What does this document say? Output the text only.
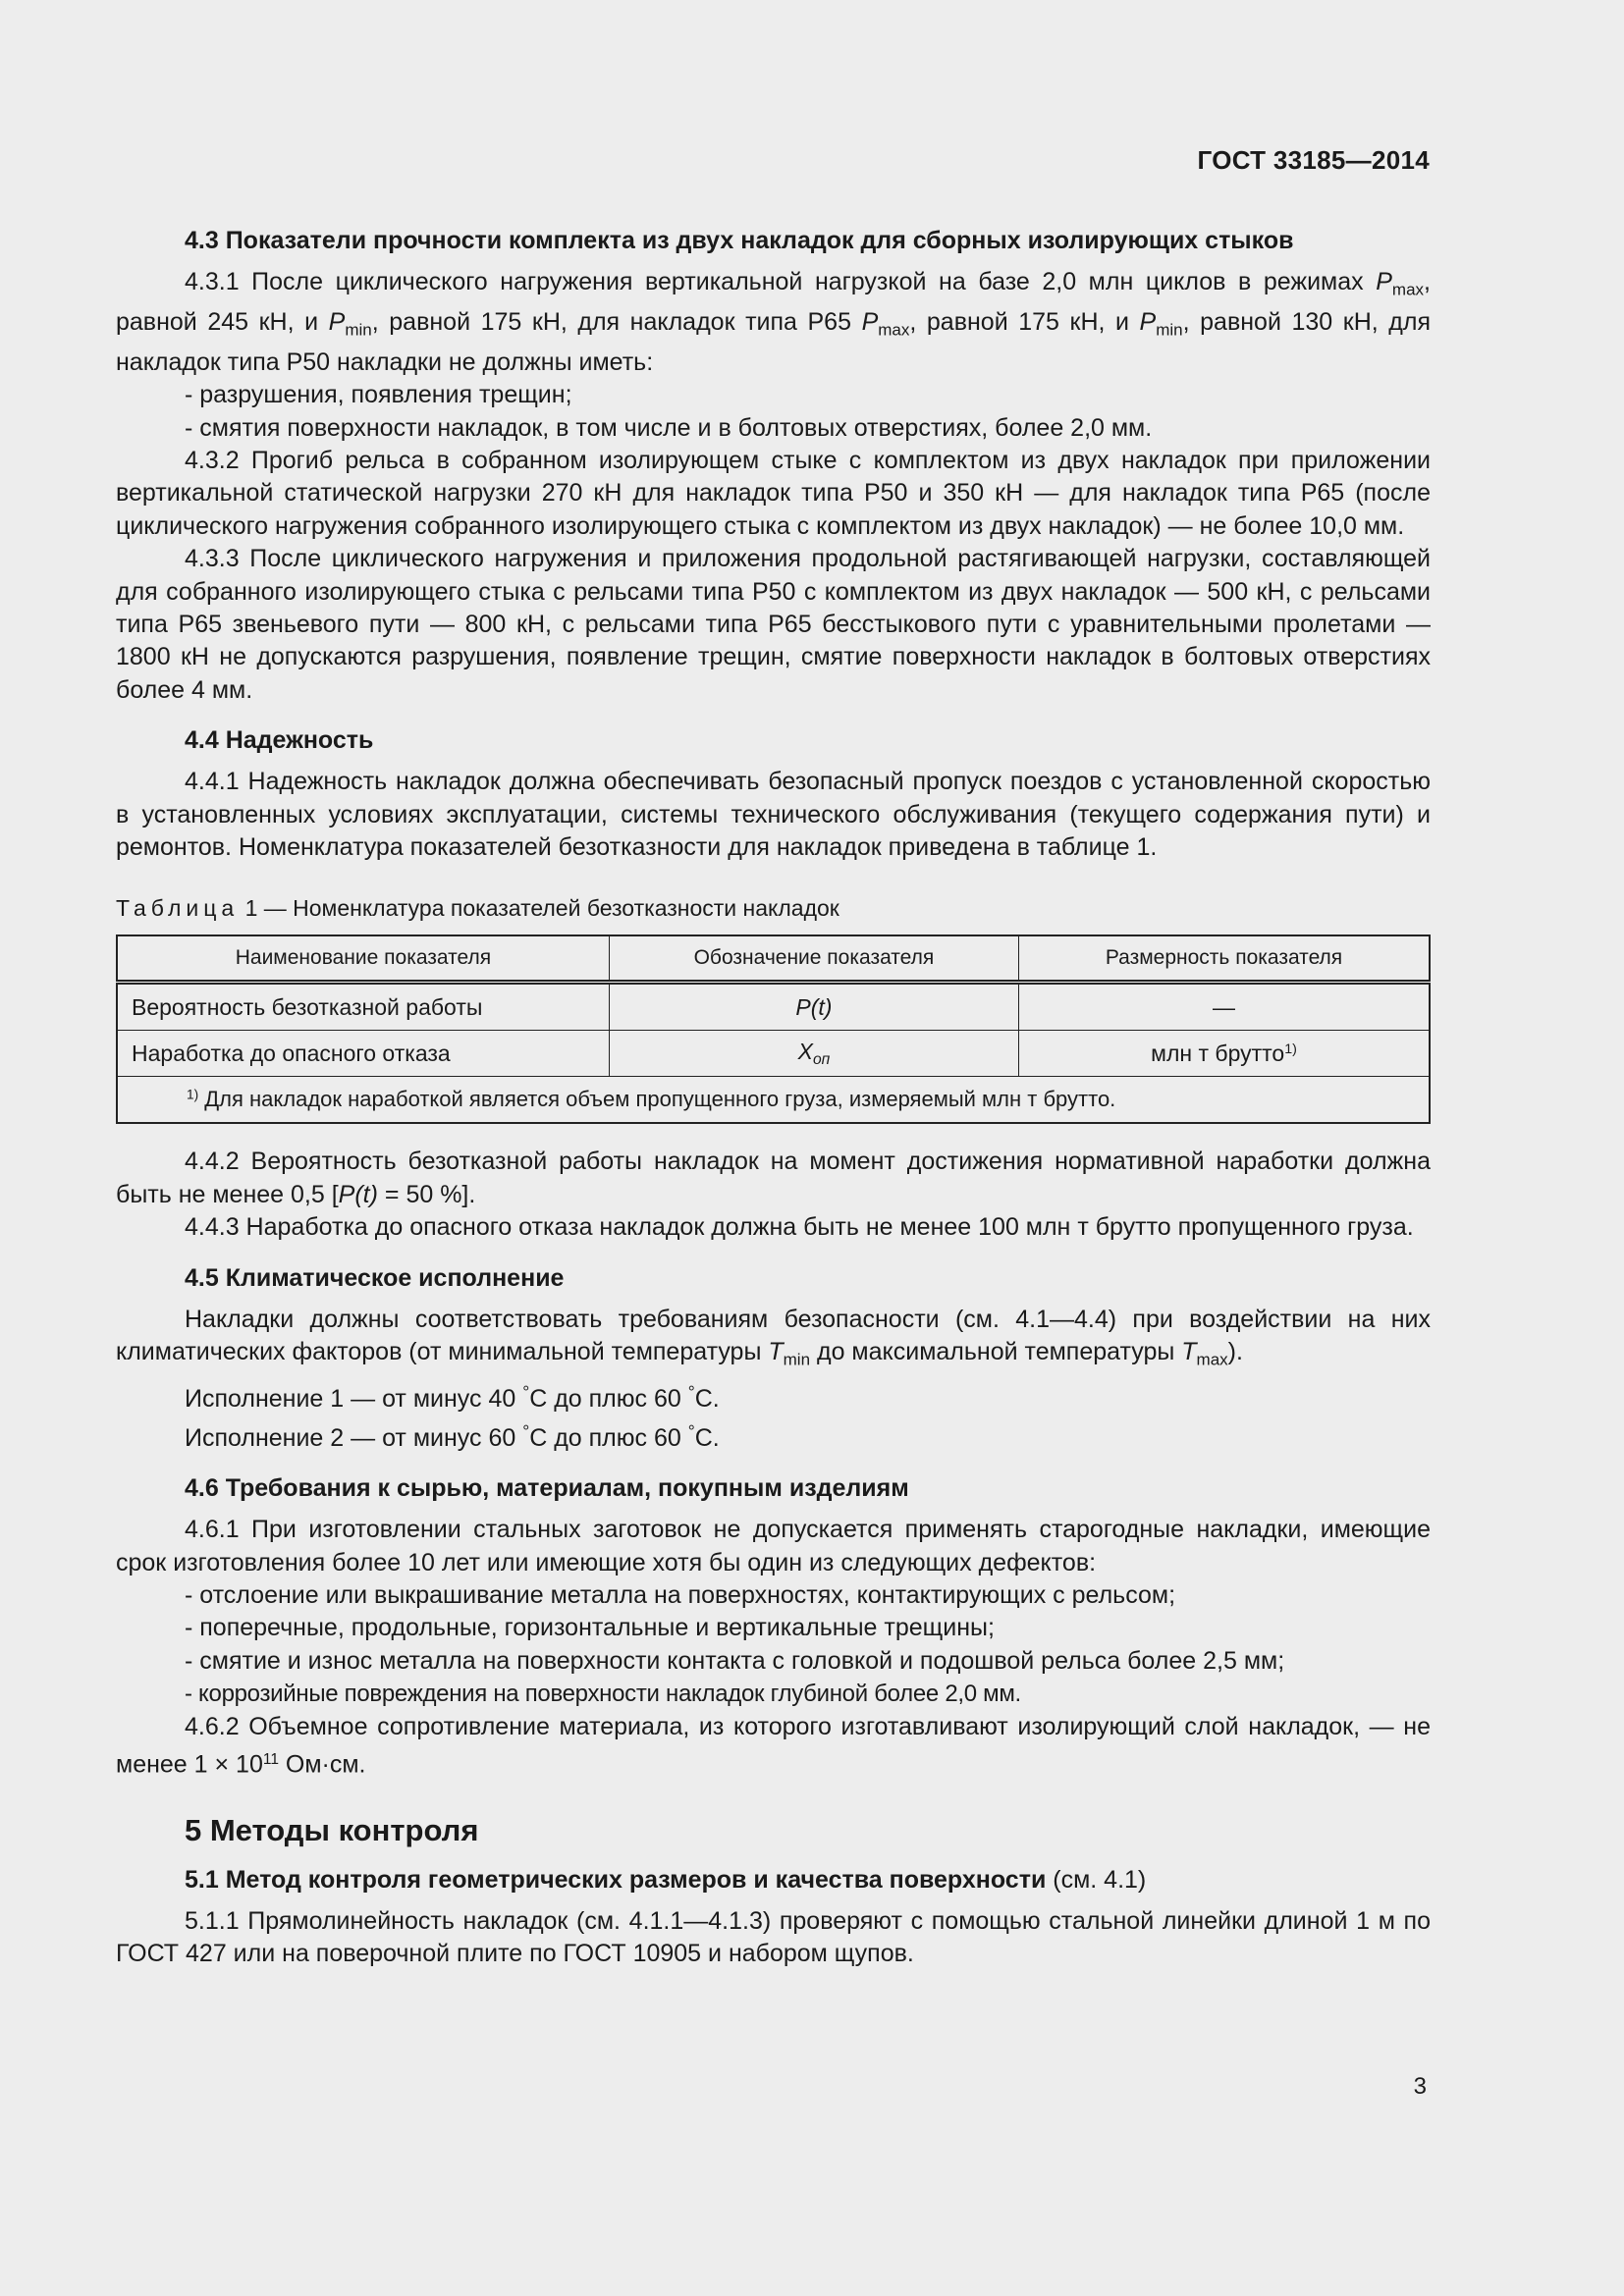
ГОСТ 33185—2014
4.3 Показатели прочности комплекта из двух накладок для сборных изолирующих стыков

4.3.1 После циклического нагружения вертикальной нагрузкой на базе 2,0 млн циклов в режимах $P_{max}$, равной 245 кН, и $P_{min}$, равной 175 кН, для накладок типа Р65 $P_{max}$, равной 175 кН, и $P_{min}$, равной 130 кН, для накладок типа Р50 накладки не должны иметь:

- разрушения, появления трещин;
- смятия поверхности накладок, в том числе и в болтовых отверстиях, более 2,0 мм.

4.3.2 Прогиб рельса в собранном изолирующем стыке с комплектом из двух накладок при приложении вертикальной статической нагрузки 270 кН для накладок типа Р50 и 350 кН — для накладок типа Р65 (после циклического нагружения собранного изолирующего стыка с комплектом из двух накладок) — не более 10,0 мм.

4.3.3 После циклического нагружения и приложения продольной растягивающей нагрузки, составляющей для собранного изолирующего стыка с рельсами типа Р50 с комплектом из двух накладок — 500 кН, с рельсами типа Р65 звеньевого пути — 800 кН, с рельсами типа Р65 бесстыкового пути с уравнительными пролетами — 1800 кН не допускаются разрушения, появление трещин, смятие поверхности накладок в болтовых отверстиях более 4 мм.

4.4 Надежность

4.4.1 Надежность накладок должна обеспечивать безопасный пропуск поездов с установленной скоростью в установленных условиях эксплуатации, системы технического обслуживания (текущего содержания пути) и ремонтов. Номенклатура показателей безотказности для накладок приведена в таблице 1.

Таблица 1 — Номенклатура показателей безотказности накладок
Наименование показателя	Обозначение показателя	Размерность показателя
Вероятность безотказной работы	P(t)	—
Наработка до опасного отказа	$X_{оп}$	млн т брутто$^{1)}$
$^{1)}$ Для накладок наработкой является объем пропущенного груза, измеряемый млн т брутто.		

4.4.2 Вероятность безотказной работы накладок на момент достижения нормативной наработки должна быть не менее 0,5 [P(t) = 50 %].

4.4.3 Наработка до опасного отказа накладок должна быть не менее 100 млн т брутто пропущенного груза.

4.5 Климатическое исполнение

Накладки должны соответствовать требованиям безопасности (см. 4.1—4.4) при воздействии на них климатических факторов (от минимальной температуры $T_{min}$ до максимальной температуры $T_{max}$).

Исполнение 1 — от минус 40 °С до плюс 60 °С.
Исполнение 2 — от минус 60 °С до плюс 60 °С.
4.6 Требования к сырью, материалам, покупным изделиям

4.6.1 При изготовлении стальных заготовок не допускается применять старогодные накладки, имеющие срок изготовления более 10 лет или имеющие хотя бы один из следующих дефектов:

- отслоение или выкрашивание металла на поверхностях, контактирующих с рельсом;
- поперечные, продольные, горизонтальные и вертикальные трещины;
- смятие и износ металла на поверхности контакта с головкой и подошвой рельса более 2,5 мм;
- коррозийные повреждения на поверхности накладок глубиной более 2,0 мм.

4.6.2 Объемное сопротивление материала, из которого изготавливают изолирующий слой накладок, — не менее $1 \times 10^{11}$ Ом·см.

5 Методы контроля
5.1 Метод контроля геометрических размеров и качества поверхности (см. 4.1)

5.1.1 Прямолинейность накладок (см. 4.1.1—4.1.3) проверяют с помощью стальной линейки длиной 1 м по ГОСТ 427 или на поверочной плите по ГОСТ 10905 и набором щупов.

3
